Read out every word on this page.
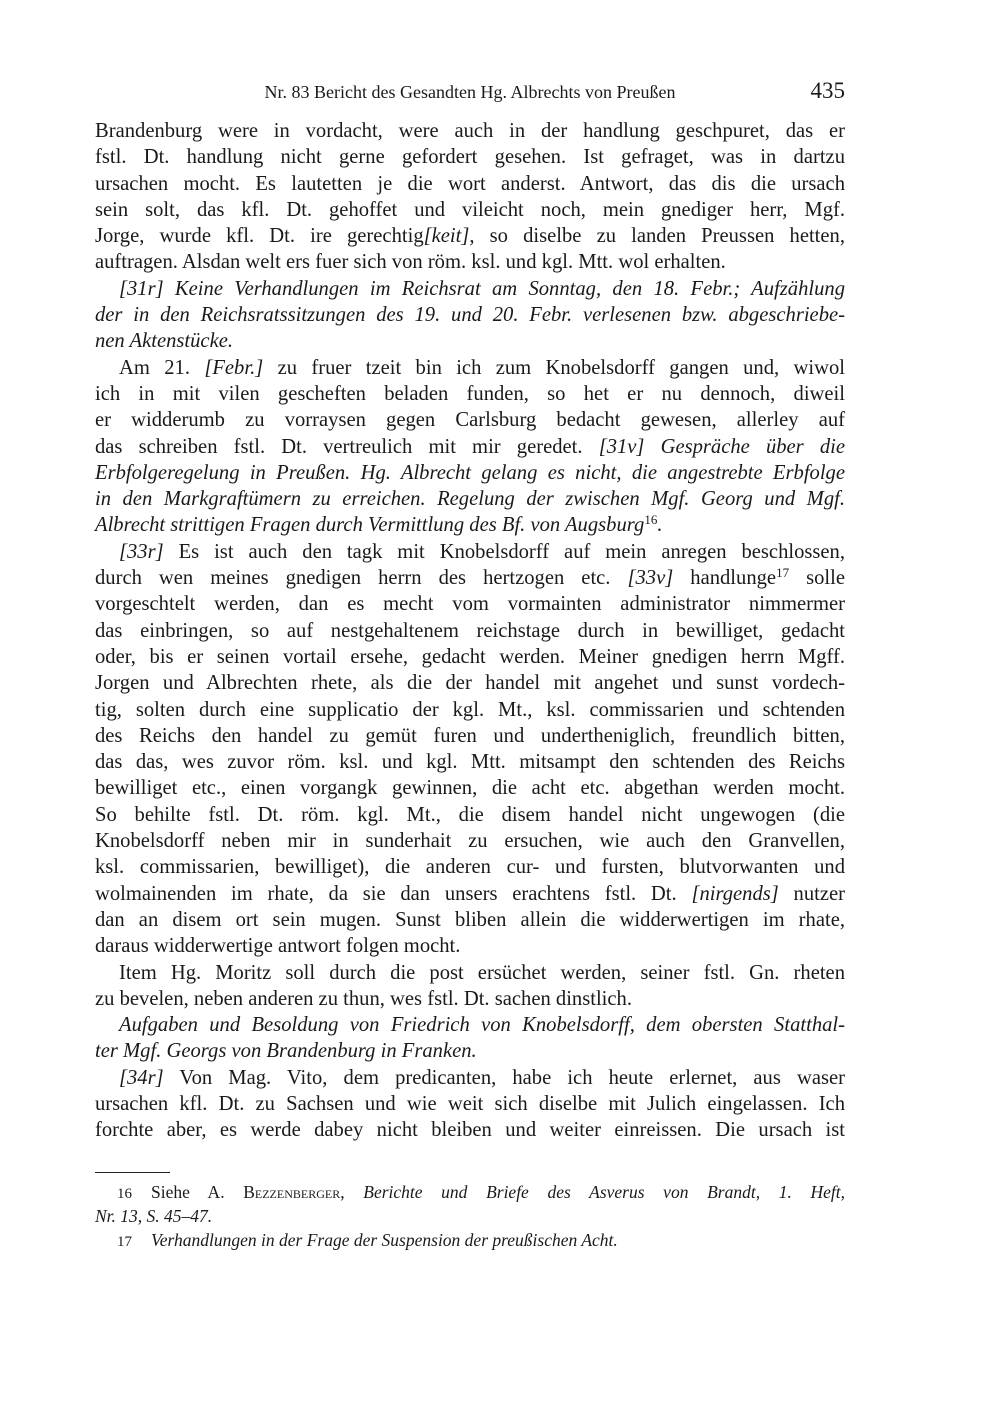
Nr. 83 Bericht des Gesandten Hg. Albrechts von Preußen	435
Brandenburg were in vordacht, were auch in der handlung geschpuret, das er
fstl. Dt. handlung nicht gerne gefordert gesehen. Ist gefraget, was in dartzu
ursachen mocht. Es lautetten je die wort anderst. Antwort, das dis die ursach
sein solt, das kfl. Dt. gehoffet und vileicht noch, mein gnediger herr, Mgf.
Jorge, wurde kfl. Dt. ire gerechtig[keit], so diselbe zu landen Preussen hetten,
auftragen. Alsdan welt ers fuer sich von röm. ksl. und kgl. Mtt. wol erhalten.
[31r] Keine Verhandlungen im Reichsrat am Sonntag, den 18. Febr.; Aufzählung
der in den Reichsratssitzungen des 19. und 20. Febr. verlesenen bzw. abgeschriebe-
nen Aktenstücke.
Am 21. [Febr.] zu fruer tzeit bin ich zum Knobelsdorff gangen und, wiwol
ich in mit vilen gescheften beladen funden, so het er nu dennoch, diweil
er widderumb zu vorraysen gegen Carlsburg bedacht gewesen, allerley auf
das schreiben fstl. Dt. vertreulich mit mir geredet. [31v] Gespräche über die
Erbfolgeregelung in Preußen. Hg. Albrecht gelang es nicht, die angestrebte Erbfolge
in den Markgraftümern zu erreichen. Regelung der zwischen Mgf. Georg und Mgf.
Albrecht strittigen Fragen durch Vermittlung des Bf. von Augsburg$^{16}$.
[33r] Es ist auch den tagk mit Knobelsdorff auf mein anregen beschlossen,
durch wen meines gnedigen herrn des hertzogen etc. [33v] handlunge$^{17}$ solle
vorgeschtelt werden, dan es mecht vom vormainten administrator nimmermer
das einbringen, so auf nestgehaltenem reichstage durch in bewilliget, gedacht
oder, bis er seinen vortail ersehe, gedacht werden. Meiner gnedigen herrn Mgff.
Jorgen und Albrechten rhete, als die der handel mit angehet und sunst vordech-
tig, solten durch eine supplicatio der kgl. Mt., ksl. commissarien und schtenden
des Reichs den handel zu gemüt furen und undertheniglich, freundlich bitten,
das das, wes zuvor röm. ksl. und kgl. Mtt. mitsampt den schtenden des Reichs
bewilliget etc., einen vorgangk gewinnen, die acht etc. abgethan werden mocht.
So behilte fstl. Dt. röm. kgl. Mt., die disem handel nicht ungewogen (die
Knobelsdorff neben mir in sunderhait zu ersuchen, wie auch den Granvellen,
ksl. commissarien, bewilliget), die anderen cur- und fursten, blutvorwanten und
wolmainenden im rhate, da sie dan unsers erachtens fstl. Dt. [nirgends] nutzer
dan an disem ort sein mugen. Sunst bliben allein die widderwertigen im rhate,
daraus widderwertige antwort folgen mocht.
Item Hg. Moritz soll durch die post ersüchet werden, seiner fstl. Gn. rheten
zu bevelen, neben anderen zu thun, wes fstl. Dt. sachen dinstlich.
Aufgaben und Besoldung von Friedrich von Knobelsdorff, dem obersten Statthal-
ter Mgf. Georgs von Brandenburg in Franken.
[34r] Von Mag. Vito, dem predicanten, habe ich heute erlernet, aus waser
ursachen kfl. Dt. zu Sachsen und wie weit sich diselbe mit Julich eingelassen. Ich
forchte aber, es werde dabey nicht bleiben und weiter einreissen. Die ursach ist
16 Siehe A. Bezzenberger, Berichte und Briefe des Asverus von Brandt, 1. Heft,
Nr. 13, S. 45–47.
17 Verhandlungen in der Frage der Suspension der preußischen Acht.
